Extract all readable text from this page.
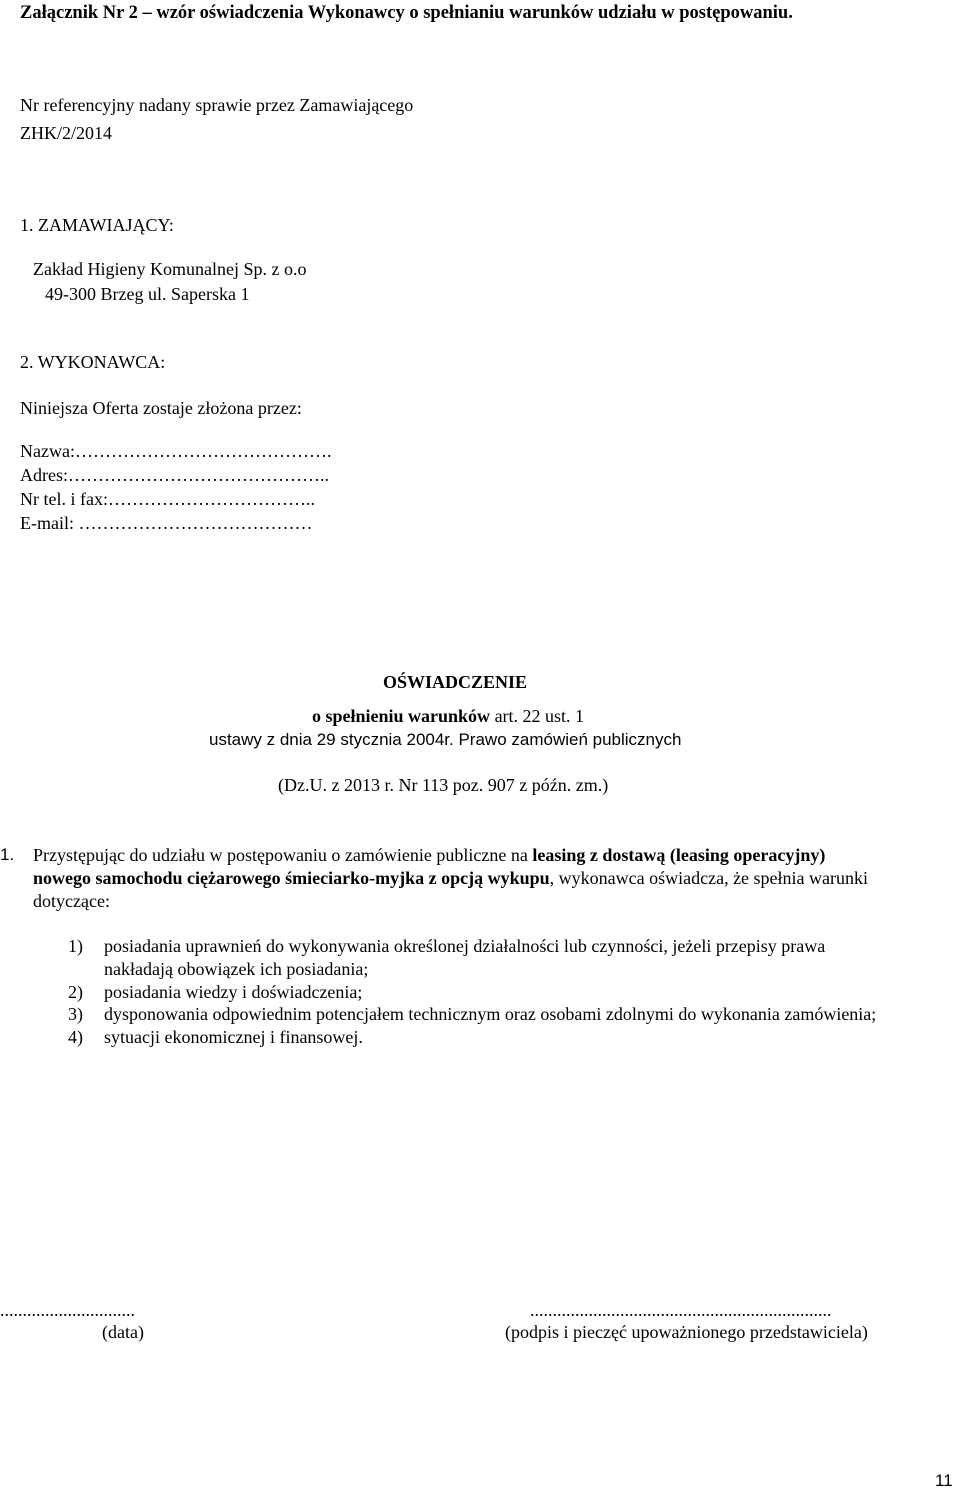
Załącznik Nr 2 – wzór oświadczenia Wykonawcy o spełnianiu warunków udziału w postępowaniu.
Nr referencyjny nadany sprawie przez Zamawiającego
ZHK/2/2014
1. ZAMAWIAJĄCY:
Zakład Higieny Komunalnej Sp. z o.o
49-300 Brzeg ul. Saperska 1
2. WYKONAWCA:
Niniejsza Oferta zostaje złożona przez:
Nazwa:…………………………………….
Adres:……………………………………..
Nr tel. i fax:……………………………..
E-mail: …………………………………
OŚWIADCZENIE
o spełnieniu warunków art. 22 ust. 1
ustawy z dnia 29 stycznia 2004r. Prawo zamówień publicznych
(Dz.U. z 2013 r. Nr 113 poz. 907 z późn. zm.)
1. Przystępując do udziału w postępowaniu o zamówienie publiczne na leasing z dostawą (leasing operacyjny)
nowego samochodu ciężarowego śmieciarko-myjka z opcją wykupu, wykonawca oświadcza, że spełnia warunki
dotyczące:
1) posiadania uprawnień do wykonywania określonej działalności lub czynności, jeżeli przepisy prawa
nakładają obowiązek ich posiadania;
2) posiadania wiedzy i doświadczenia;
3) dysponowania odpowiednim potencjałem technicznym oraz osobami zdolnymi do wykonania zamówienia;
4) sytuacji ekonomicznej i finansowej.
..............................
(data)
...................................................................
(podpis i pieczęć upoważnionego przedstawiciela)
11
